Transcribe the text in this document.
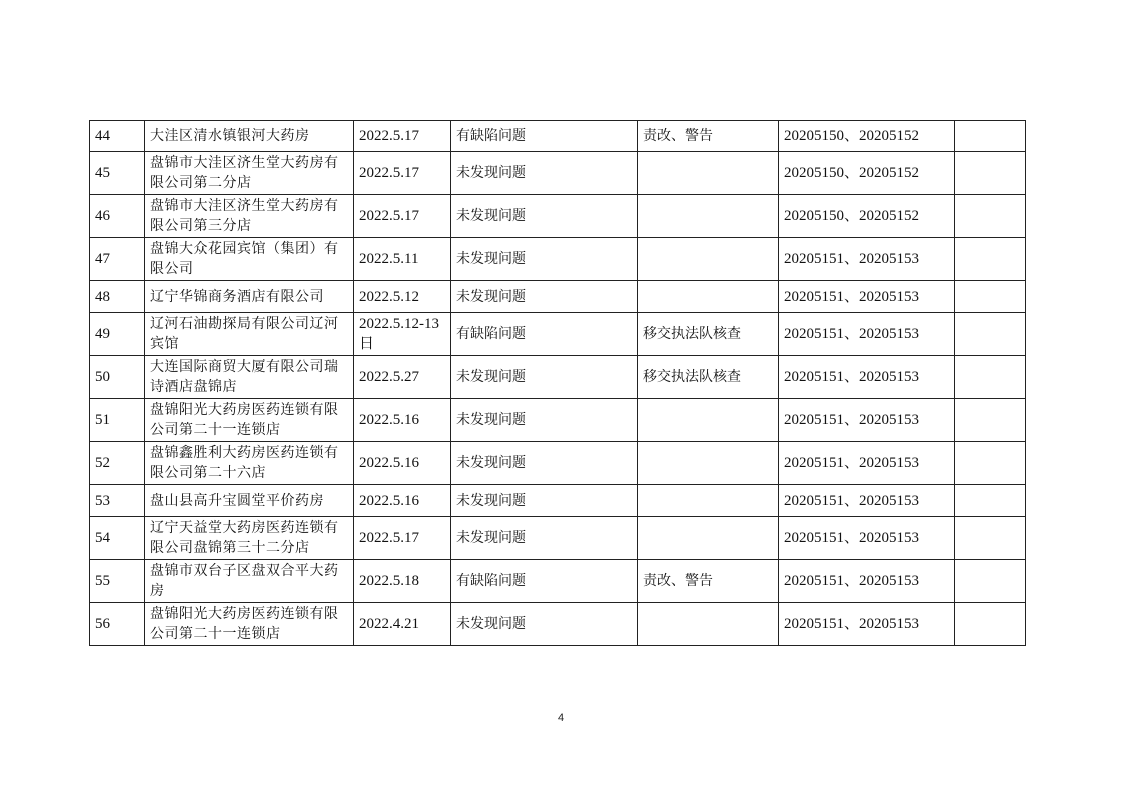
44	大洼区清水镇银河大药房	2022.5.17	有缺陷问题	责改、警告	20205150、20205152	
45	盘锦市大洼区济生堂大药房有限公司第二分店	2022.5.17	未发现问题		20205150、20205152	
46	盘锦市大洼区济生堂大药房有限公司第三分店	2022.5.17	未发现问题		20205150、20205152	
47	盘锦大众花园宾馆（集团）有限公司	2022.5.11	未发现问题		20205151、20205153	
48	辽宁华锦商务酒店有限公司	2022.5.12	未发现问题		20205151、20205153	
49	辽河石油勘探局有限公司辽河宾馆	2022.5.12-13日	有缺陷问题	移交执法队核查	20205151、20205153	
50	大连国际商贸大厦有限公司瑞诗酒店盘锦店	2022.5.27	未发现问题	移交执法队核查	20205151、20205153	
51	盘锦阳光大药房医药连锁有限公司第二十一连锁店	2022.5.16	未发现问题		20205151、20205153	
52	盘锦鑫胜利大药房医药连锁有限公司第二十六店	2022.5.16	未发现问题		20205151、20205153	
53	盘山县高升宝圆堂平价药房	2022.5.16	未发现问题		20205151、20205153	
54	辽宁天益堂大药房医药连锁有限公司盘锦第三十二分店	2022.5.17	未发现问题		20205151、20205153	
55	盘锦市双台子区盘双合平大药房	2022.5.18	有缺陷问题	责改、警告	20205151、20205153	
56	盘锦阳光大药房医药连锁有限公司第二十一连锁店	2022.4.21	未发现问题		20205151、20205153	
4
